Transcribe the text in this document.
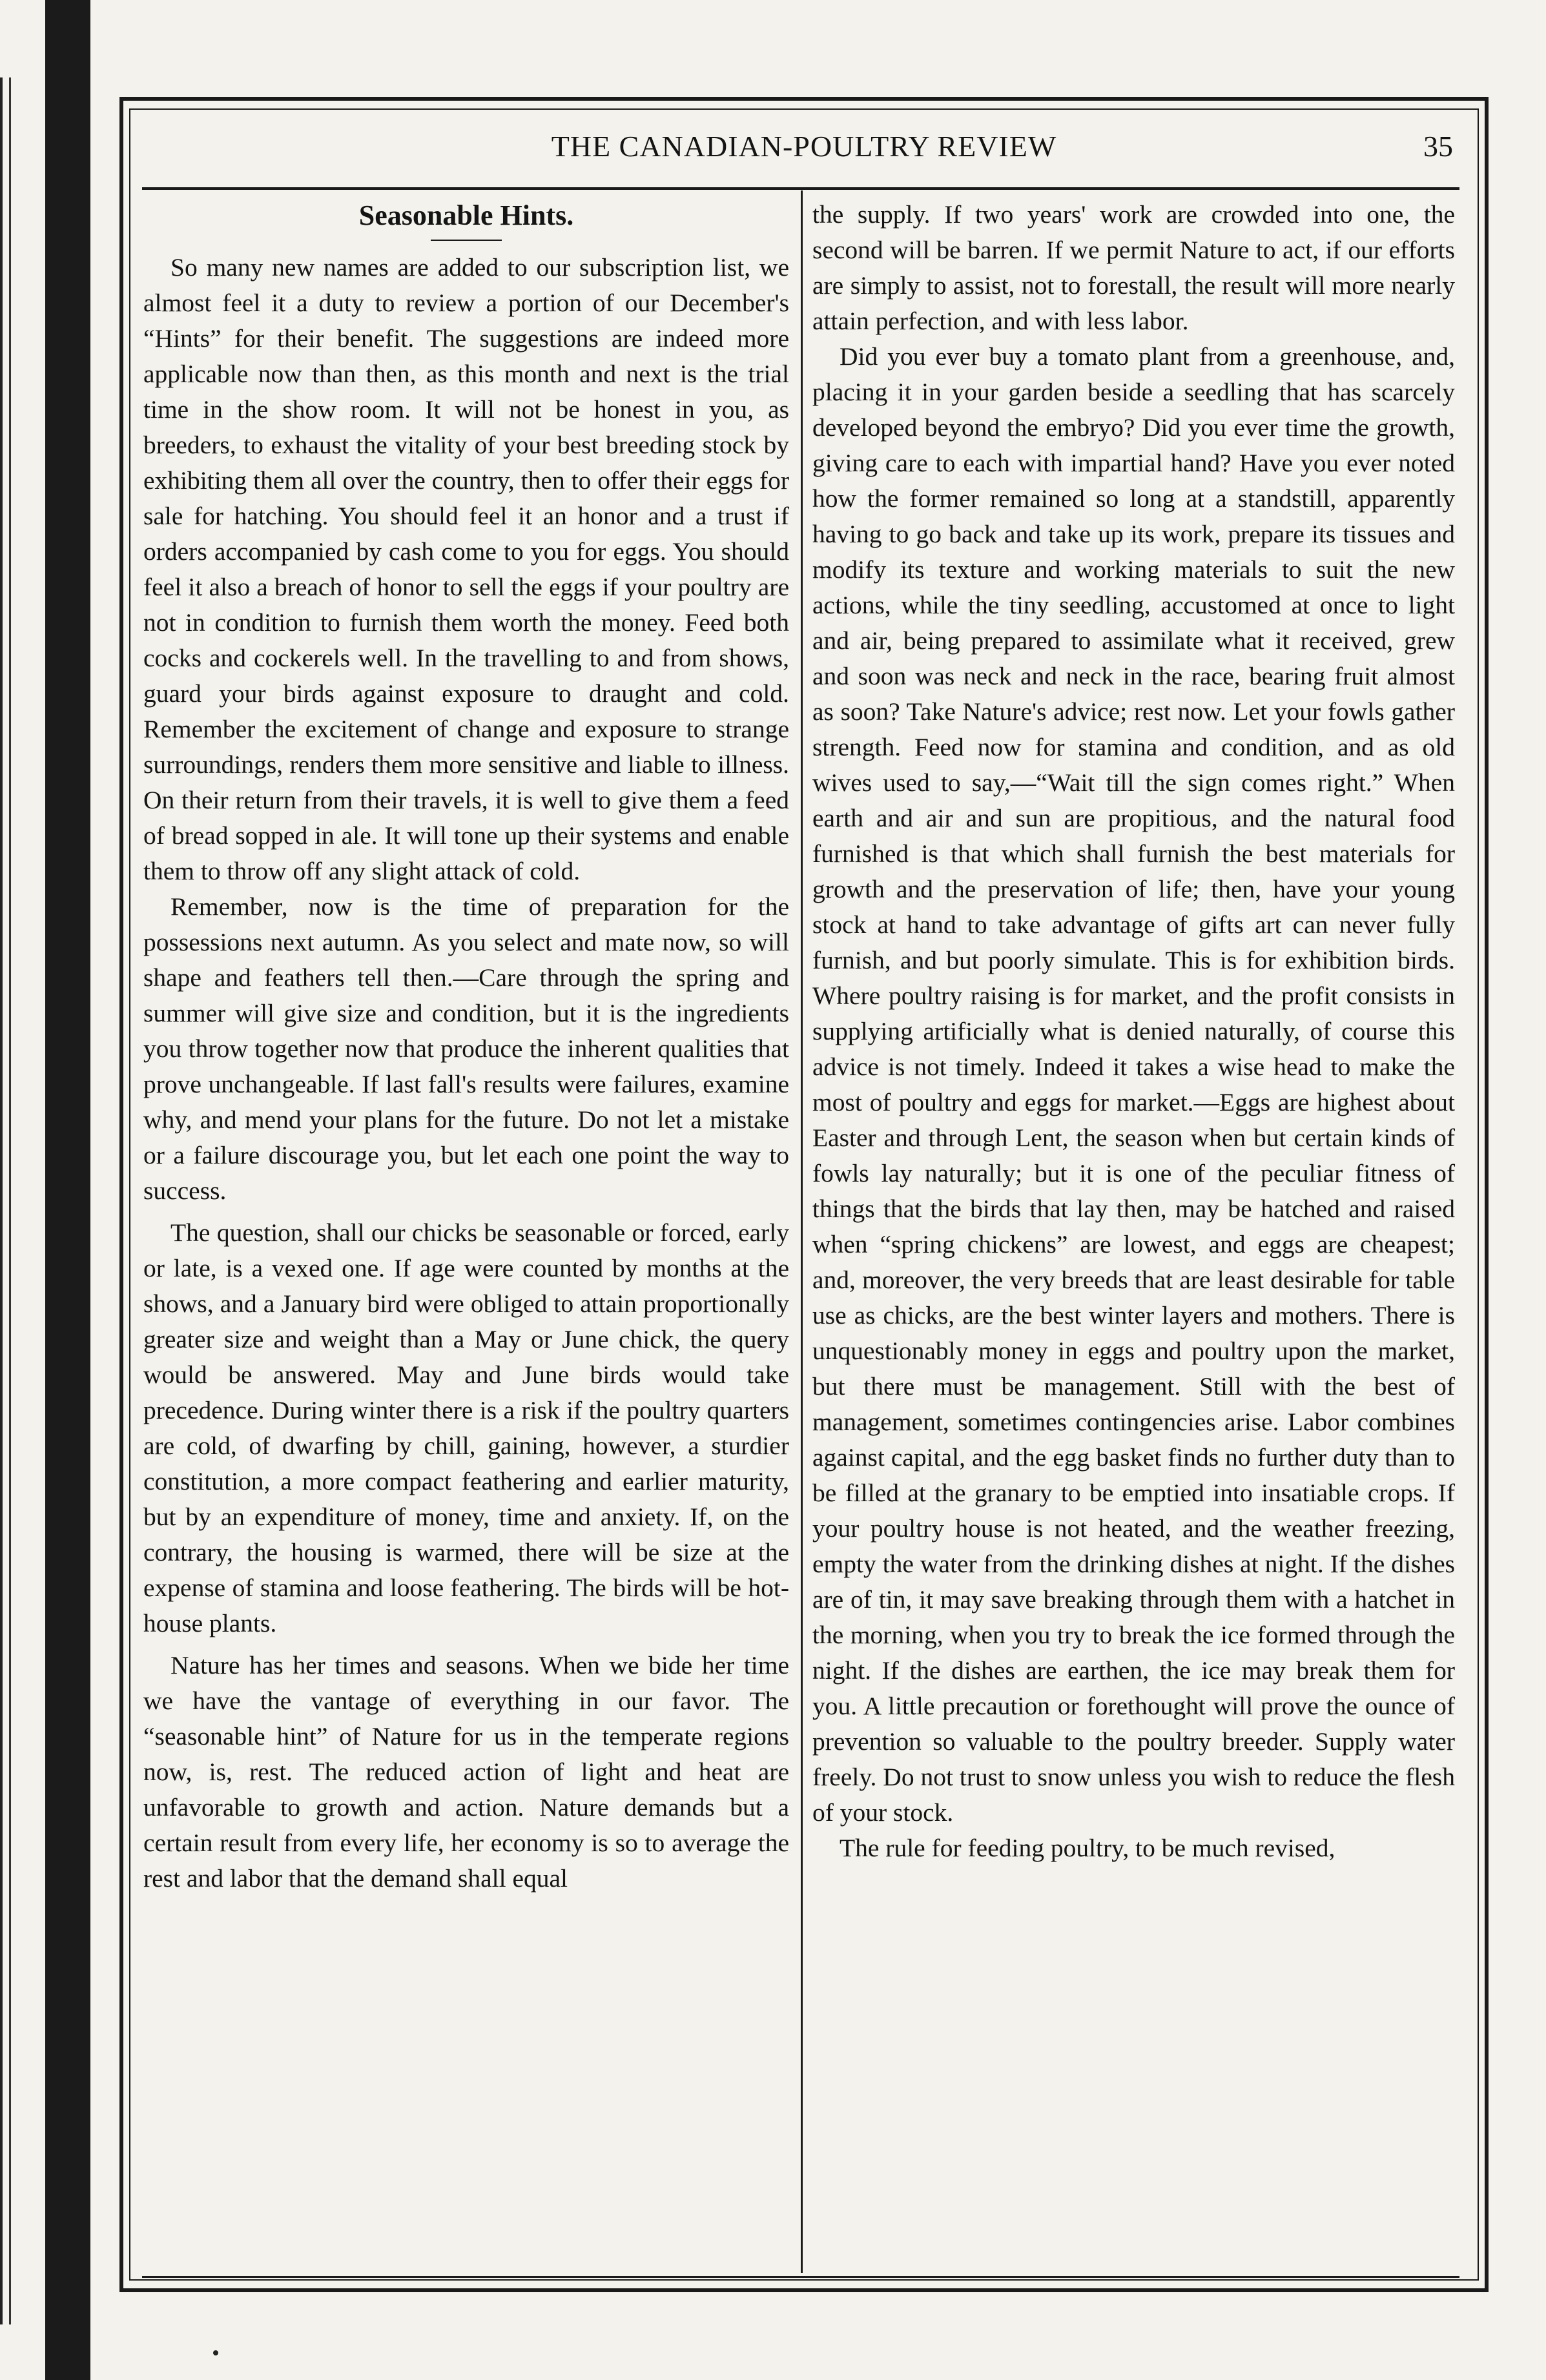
THE CANADIAN-POULTRY REVIEW	35
Seasonable Hints.

So many new names are added to our subscription list, we almost feel it a duty to review a portion of our December's “Hints” for their benefit. The suggestions are indeed more applicable now than then, as this month and next is the trial time in the show room. It will not be honest in you, as breeders, to exhaust the vitality of your best breeding stock by exhibiting them all over the country, then to offer their eggs for sale for hatching. You should feel it an honor and a trust if orders accompanied by cash come to you for eggs. You should feel it also a breach of honor to sell the eggs if your poultry are not in condition to furnish them worth the money. Feed both cocks and cockerels well. In the travelling to and from shows, guard your birds against exposure to draught and cold. Remember the excitement of change and exposure to strange surroundings, renders them more sensitive and liable to illness. On their return from their travels, it is well to give them a feed of bread sopped in ale. It will tone up their systems and enable them to throw off any slight attack of cold.

Remember, now is the time of preparation for the possessions next autumn. As you select and mate now, so will shape and feathers tell then.—Care through the spring and summer will give size and condition, but it is the ingredients you throw together now that produce the inherent qualities that prove unchangeable. If last fall's results were failures, examine why, and mend your plans for the future. Do not let a mistake or a failure discourage you, but let each one point the way to success.

The question, shall our chicks be seasonable or forced, early or late, is a vexed one. If age were counted by months at the shows, and a January bird were obliged to attain proportionally greater size and weight than a May or June chick, the query would be answered. May and June birds would take precedence. During winter there is a risk if the poultry quarters are cold, of dwarfing by chill, gaining, however, a sturdier constitution, a more compact feathering and earlier maturity, but by an expenditure of money, time and anxiety. If, on the contrary, the housing is warmed, there will be size at the expense of stamina and loose feathering. The birds will be hot-house plants.

Nature has her times and seasons. When we bide her time we have the vantage of everything in our favor. The “seasonable hint” of Nature for us in the temperate regions now, is, rest. The reduced action of light and heat are unfavorable to growth and action. Nature demands but a certain result from every life, her economy is so to average the rest and labor that the demand shall equal

the supply. If two years' work are crowded into one, the second will be barren. If we permit Nature to act, if our efforts are simply to assist, not to forestall, the result will more nearly attain perfection, and with less labor.

Did you ever buy a tomato plant from a greenhouse, and, placing it in your garden beside a seedling that has scarcely developed beyond the embryo? Did you ever time the growth, giving care to each with impartial hand? Have you ever noted how the former remained so long at a standstill, apparently having to go back and take up its work, prepare its tissues and modify its texture and working materials to suit the new actions, while the tiny seedling, accustomed at once to light and air, being prepared to assimilate what it received, grew and soon was neck and neck in the race, bearing fruit almost as soon? Take Nature's advice; rest now. Let your fowls gather strength. Feed now for stamina and condition, and as old wives used to say,—“Wait till the sign comes right.” When earth and air and sun are propitious, and the natural food furnished is that which shall furnish the best materials for growth and the preservation of life; then, have your young stock at hand to take advantage of gifts art can never fully furnish, and but poorly simulate. This is for exhibition birds. Where poultry raising is for market, and the profit consists in supplying artificially what is denied naturally, of course this advice is not timely. Indeed it takes a wise head to make the most of poultry and eggs for market.—Eggs are highest about Easter and through Lent, the season when but certain kinds of fowls lay naturally; but it is one of the peculiar fitness of things that the birds that lay then, may be hatched and raised when “spring chickens” are lowest, and eggs are cheapest; and, moreover, the very breeds that are least desirable for table use as chicks, are the best winter layers and mothers. There is unquestionably money in eggs and poultry upon the market, but there must be management. Still with the best of management, sometimes contingencies arise. Labor combines against capital, and the egg basket finds no further duty than to be filled at the granary to be emptied into insatiable crops. If your poultry house is not heated, and the weather freezing, empty the water from the drinking dishes at night. If the dishes are of tin, it may save breaking through them with a hatchet in the morning, when you try to break the ice formed through the night. If the dishes are earthen, the ice may break them for you. A little precaution or forethought will prove the ounce of prevention so valuable to the poultry breeder. Supply water freely. Do not trust to snow unless you wish to reduce the flesh of your stock.

The rule for feeding poultry, to be much revised,
